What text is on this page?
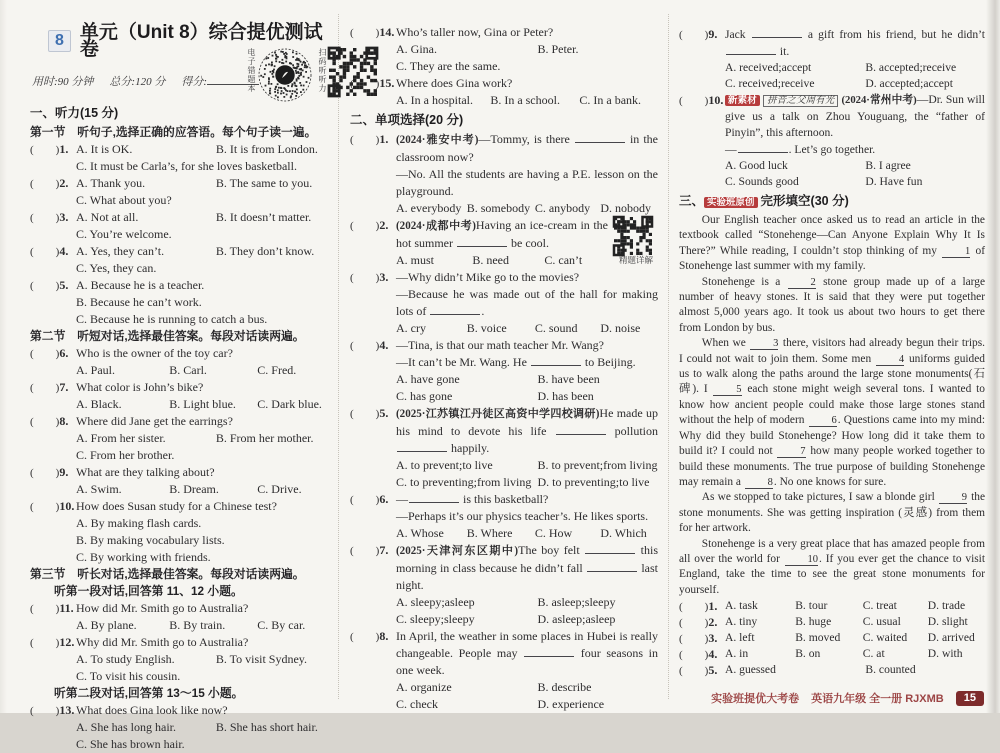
8 单元（Unit 8）综合提优测试卷
用时:90 分钟 总分:120 分 得分:
一、听力(15 分)
第一节　听句子,选择正确的应答语。每个句子读一遍。
(　　)1. A. It is OK.	B. It is from London.
C. It must be Carla’s, for she loves basketball.
(　　)2. A. Thank you.	B. The same to you.
C. What about you?
(　　)3. A. Not at all.	B. It doesn’t matter.
C. You’re welcome.
(　　)4. A. Yes, they can’t.	B. They don’t know.
C. Yes, they can.
(　　)5. A. Because he is a teacher.
B. Because he can’t work.
C. Because he is running to catch a bus.
第二节　听短对话,选择最佳答案。每段对话读两遍。
(　　)6. Who is the owner of the toy car?
A. Paul.	B. Carl.	C. Fred.
(　　)7. What color is John’s bike?
A. Black.	B. Light blue.	C. Dark blue.
(　　)8. Where did Jane get the earrings?
A. From her sister.	B. From her mother.
C. From her brother.
(　　)9. What are they talking about?
A. Swim.	B. Dream.	C. Drive.
(　　)10. How does Susan study for a Chinese test?
A. By making flash cards.
B. By making vocabulary lists.
C. By working with friends.
第三节　听长对话,选择最佳答案。每段对话读两遍。
听第一段对话,回答第 11、12 小题。
(　　)11. How did Mr. Smith go to Australia?
A. By plane.	B. By train.	C. By car.
(　　)12. Why did Mr. Smith go to Australia?
A. To study English.	B. To visit Sydney.
C. To visit his cousin.
听第二段对话,回答第 13～15 小题。
(　　)13. What does Gina look like now?
A. She has long hair.	B. She has short hair.
C. She has brown hair.
电子错题本	扫码听听力
(　　)14. Who’s taller now, Gina or Peter?
A. Gina.	B. Peter.
C. They are the same.
(　　)15. Where does Gina work?
A. In a hospital.	B. In a school.	C. In a bank.
二、单项选择(20 分)
(　　)1. (2024·雅安中考)—Tommy, is there	in the classroom now?
—No. All the students are having a P.E. lesson on the playground.
A. everybody B. somebody C. anybody D. nobody
(　　)2.
精题详解
(2024·成都中考)Having an ice-cream in the hot summer	be cool.
A. must	B. need	C. can’t
(　　)3. —Why didn’t Mike go to the movies?
—Because he was made out of the hall for making lots of	.
A. cry	B. voice	C. sound	D. noise
(　　)4. —Tina, is that our math teacher Mr. Wang?
—It can’t be Mr. Wang. He	to Beijing.
A. have gone	B. have been
C. has gone	D. has been
(　　)5. (2025·江苏镇江丹徒区高资中学四校调研)He made up his mind to devote his life	pollution  happily.
A. to prevent;to live	B. to prevent;from living
C. to preventing;from living D. to preventing;to live
(　　)6. —	is this basketball?
—Perhaps it’s our physics teacher’s. He likes sports.
A. Whose	B. Where	C. How	D. Which
(　　)7. (2025·天津河东区期中)The boy felt	this morning in class because he didn’t fall	last night.
A. sleepy;asleep	B. asleep;sleepy
C. sleepy;sleepy	D. asleep;asleep
(　　)8. In April, the weather in some places in Hubei is really changeable. People may	four seasons in one week.
A. organize	B. describe
C. check	D. experience
(　　)9. Jack	a gift from his friend, but he didn’t  it.
A. received;accept	B. accepted;receive
C. received;receive	D. accepted;accept
(　　)10. 新素材 拼音之父周有光 (2024·常州中考)—Dr. Sun will give us a talk on Zhou Youguang, the “father of Pinyin”, this afternoon.
—	. Let’s go together.
A. Good luck	B. I agree
C. Sounds good	D. Have fun
三、 实验班原创 完形填空(30 分)
Our English teacher once asked us to read an article in the textbook called “Stonehenge—Can Anyone Explain Why It Is There?” While reading, I couldn’t stop thinking of my 1 of Stonehenge last summer with my family.
Stonehenge is a 2 stone group made up of a large number of heavy stones. It is said that they were put together almost 5,000 years ago. It took us about two hours to get there from London by bus.
When we 3 there, visitors had already begun their trips. I could not wait to join them. Some men 4 uniforms guided us to walk along the paths around the large stone monuments(石碑). I 5 each stone might weigh several tons. I wanted to know how ancient people could make those large stones stand without the help of modern 6. Questions came into my mind: Why did they build Stonehenge? How long did it take them to build it? I could not 7 how many people worked together to build these monuments. The true purpose of building Stonehenge may remain a 8. No one knows for sure.
As we stopped to take pictures, I saw a blonde girl 9 the stone monuments. She was getting inspiration (灵感) from them for her artwork.
Stonehenge is a very great place that has amazed people from all over the world for 10. If you ever get the chance to visit England, take the time to see the great stone monuments for yourself.
(　　)1. A. task	B. tour	C. treat	D. trade
(　　)2. A. tiny	B. huge	C. usual	D. slight
(　　)3. A. left	B. moved	C. waited	D. arrived
(　　)4. A. in	B. on	C. at	D. with
(　　)5. A. guessed	B. counted
实验班提优大考卷 英语九年级 全一册 RJXMB	15
